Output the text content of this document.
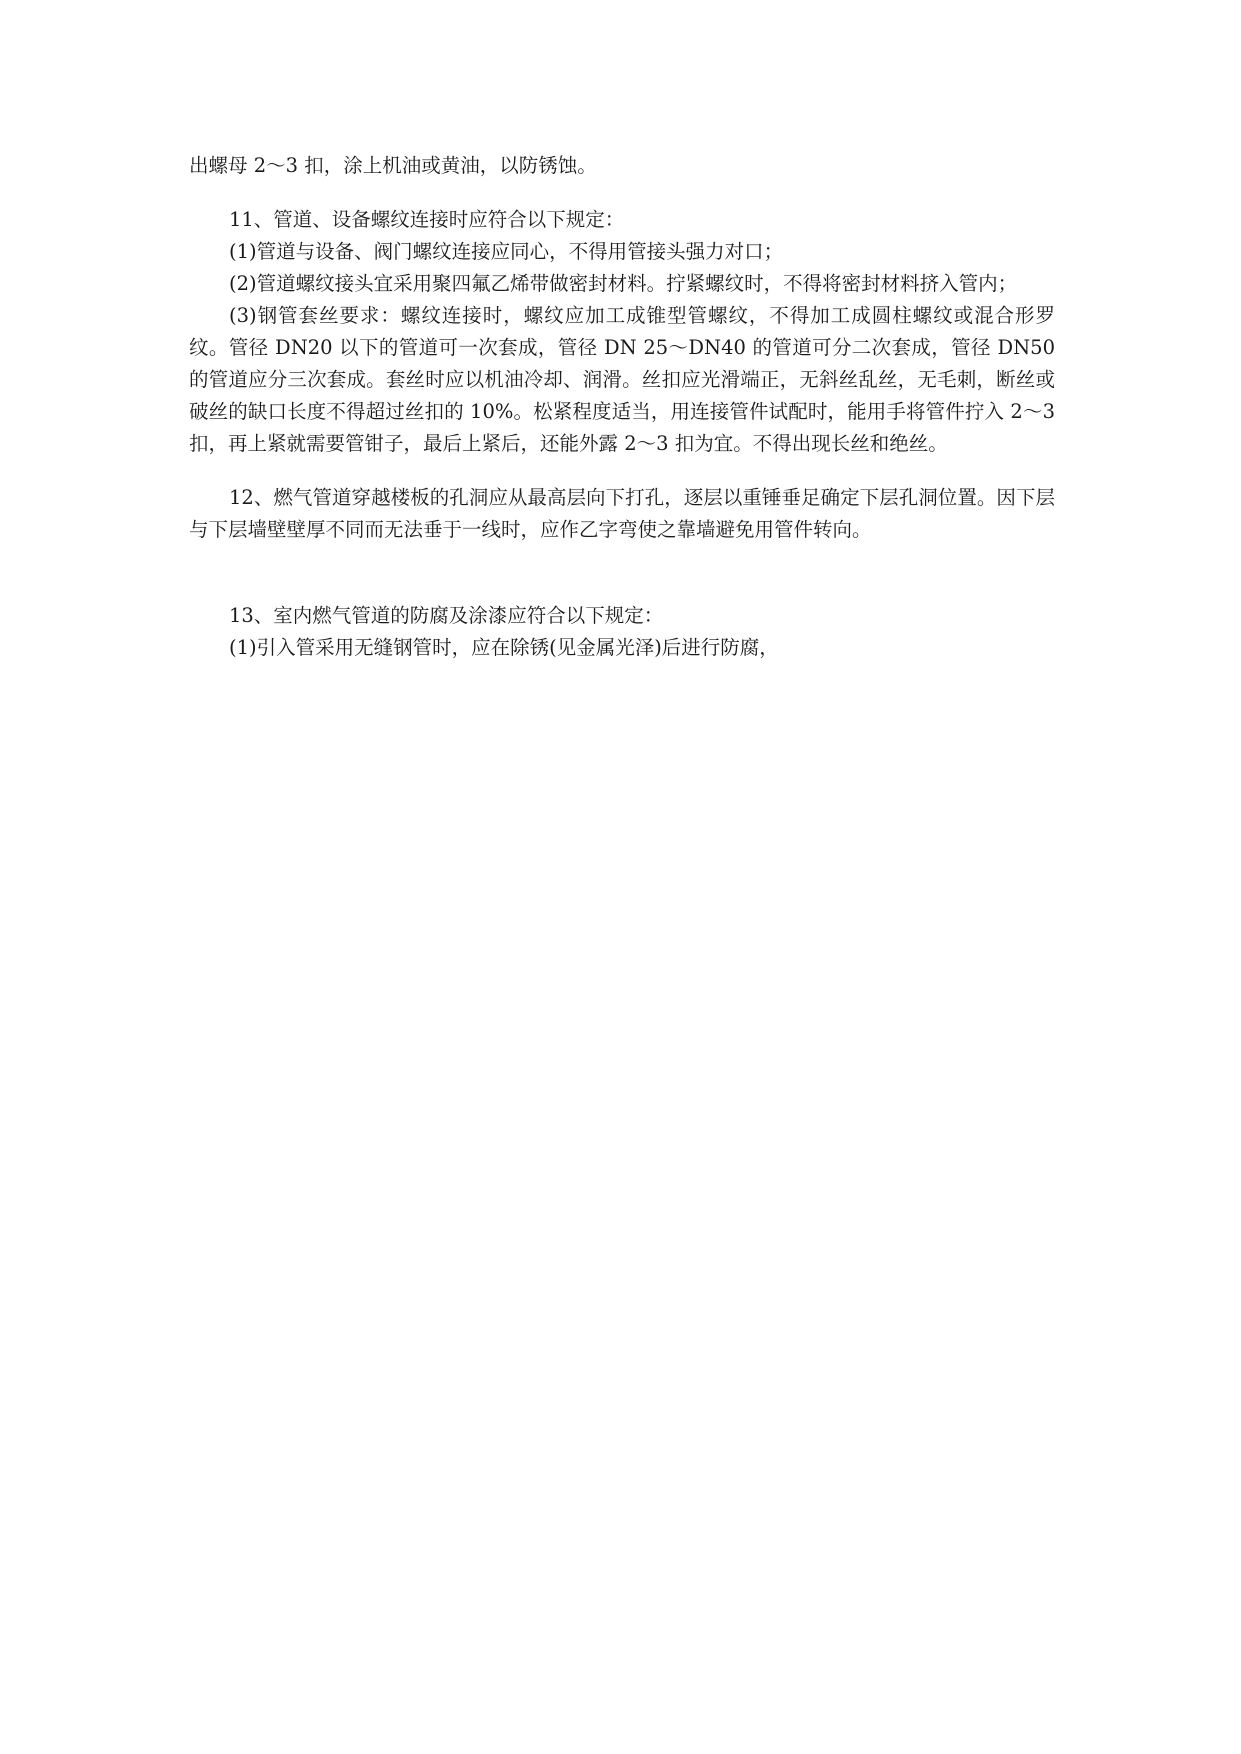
出螺母 2～3 扣，涂上机油或黄油，以防锈蚀。

11、管道、设备螺纹连接时应符合以下规定：

(1)管道与设备、阀门螺纹连接应同心，不得用管接头强力对口；

(2)管道螺纹接头宜采用聚四氟乙烯带做密封材料。拧紧螺纹时，不得将密封材料挤入管内；

(3)钢管套丝要求：螺纹连接时，螺纹应加工成锥型管螺纹，不得加工成圆柱螺纹或混合形罗纹。管径 DN20 以下的管道可一次套成，管径 DN 25～DN40 的管道可分二次套成，管径 DN50 的管道应分三次套成。套丝时应以机油冷却、润滑。丝扣应光滑端正，无斜丝乱丝，无毛刺，断丝或破丝的缺口长度不得超过丝扣的 10%。松紧程度适当，用连接管件试配时，能用手将管件拧入 2～3 扣，再上紧就需要管钳子，最后上紧后，还能外露 2～3 扣为宜。不得出现长丝和绝丝。

12、燃气管道穿越楼板的孔洞应从最高层向下打孔，逐层以重锤垂足确定下层孔洞位置。因下层与下层墙壁壁厚不同而无法垂于一线时，应作乙字弯使之靠墙避免用管件转向。

13、室内燃气管道的防腐及涂漆应符合以下规定：

(1)引入管采用无缝钢管时，应在除锈(见金属光泽)后进行防腐，
